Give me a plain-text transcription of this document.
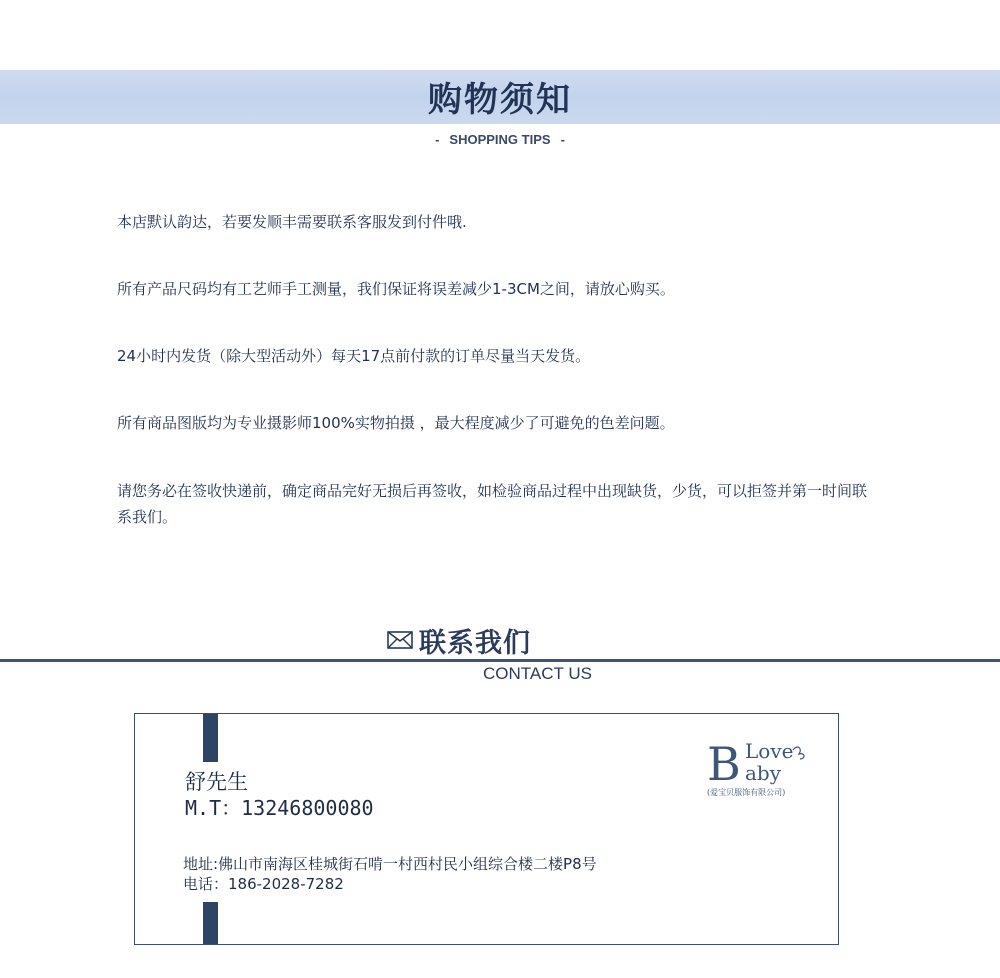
购物须知
- SHOPPING TIPS -

本店默认韵达，若要发顺丰需要联系客服发到付件哦.

所有产品尺码均有工艺师手工测量，我们保证将误差减少1-3CM之间，请放心购买。

24小时内发货（除大型活动外）每天17点前付款的订单尽量当天发货。

所有商品图版均为专业摄影师100%实物拍摄 ，最大程度减少了可避免的色差问题。

请您务必在签收快递前，确定商品完好无损后再签收，如检验商品过程中出现缺货，少货，可以拒签并第一时间联系我们。

联系我们
CONTACT US
舒先生
M.T：13246800080
地址:佛山市南海区桂城街石啃一村西村民小组综合楼二楼P8号
电话：186-2028-7282
B Love
aby
(爱宝贝服饰有限公司)
